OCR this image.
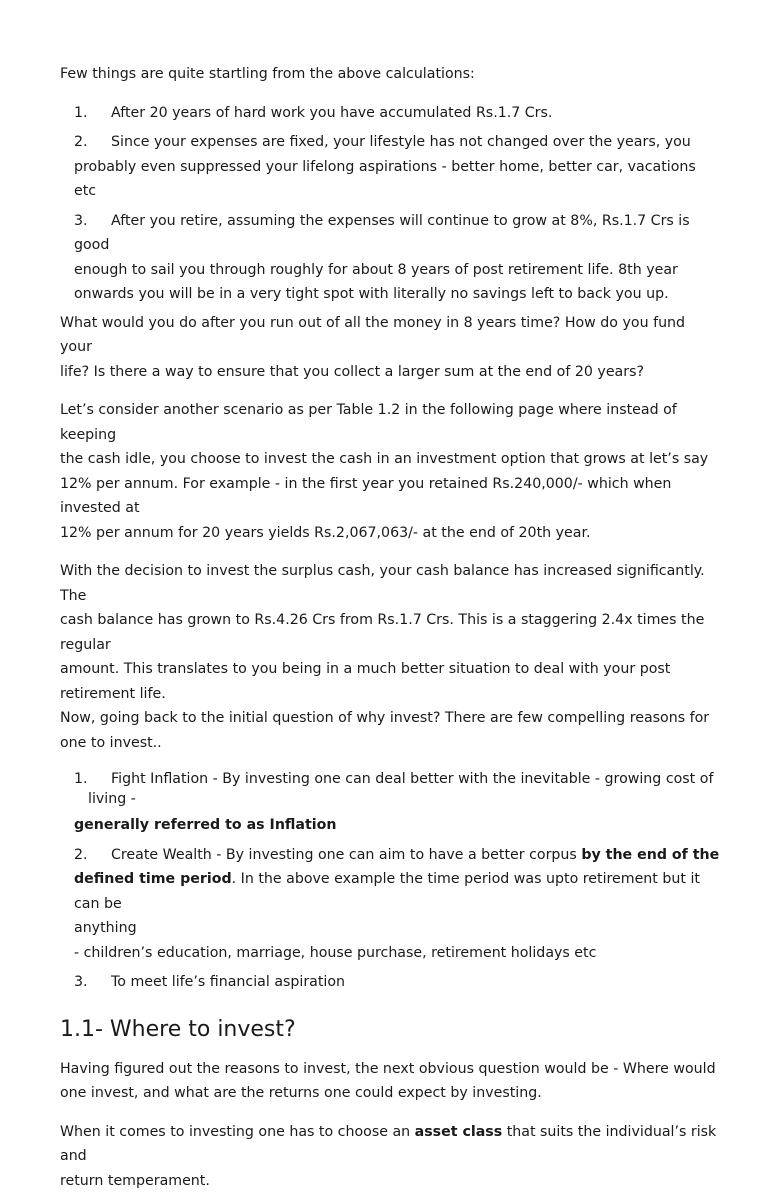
Few things are quite startling from the above calculations:

1. After 20 years of hard work you have accumulated Rs.1.7 Crs.
2. Since your expenses are fixed, your lifestyle has not changed over the years, you
probably even suppressed your lifelong aspirations - better home, better car, vacations etc
3. After you retire, assuming the expenses will continue to grow at 8%, Rs.1.7 Crs is good
enough to sail you through roughly for about 8 years of post retirement life. 8th year
onwards you will be in a very tight spot with literally no savings left to back you up.
What would you do after you run out of all the money in 8 years time? How do you fund your
life? Is there a way to ensure that you collect a larger sum at the end of 20 years?
Let’s consider another scenario as per Table 1.2 in the following page where instead of keeping
the cash idle, you choose to invest the cash in an investment option that grows at let’s say
12% per annum. For example - in the first year you retained Rs.240,000/- which when invested at
12% per annum for 20 years yields Rs.2,067,063/- at the end of 20th year.
With the decision to invest the surplus cash, your cash balance has increased significantly. The
cash balance has grown to Rs.4.26 Crs from Rs.1.7 Crs. This is a staggering 2.4x times the regular
amount. This translates to you being in a much better situation to deal with your post
retirement life.
Now, going back to the initial question of why invest? There are few compelling reasons for
one to invest..
1. Fight Inflation - By investing one can deal better with the inevitable - growing cost of
living -
generally referred to as Inflation
2. Create Wealth - By investing one can aim to have a better corpus by the end of the
defined time period. In the above example the time period was upto retirement but it can be
anything
- children’s education, marriage, house purchase, retirement holidays etc
3. To meet life’s financial aspiration
1.1- Where to invest?
Having figured out the reasons to invest, the next obvious question would be - Where would
one invest, and what are the returns one could expect by investing.
When it comes to investing one has to choose an asset class that suits the individual’s risk and
return temperament.
